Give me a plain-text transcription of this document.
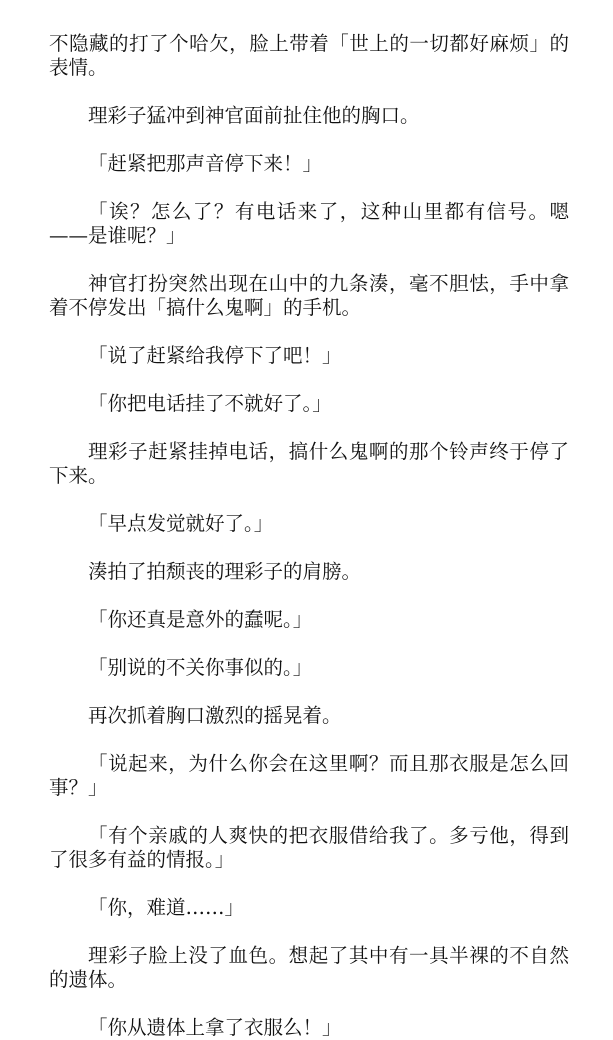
不隐藏的打了个哈欠，脸上带着「世上的一切都好麻烦」的表情。

理彩子猛冲到神官面前扯住他的胸口。

「赶紧把那声音停下来！」

「诶？怎么了？有电话来了，这种山里都有信号。嗯——是谁呢？」

神官打扮突然出现在山中的九条湊，毫不胆怯，手中拿着不停发出「搞什么鬼啊」的手机。

「说了赶紧给我停下了吧！」

「你把电话挂了不就好了。」

理彩子赶紧挂掉电话，搞什么鬼啊的那个铃声终于停了下来。

「早点发觉就好了。」

湊拍了拍颓丧的理彩子的肩膀。

「你还真是意外的蠢呢。」

「别说的不关你事似的。」

再次抓着胸口激烈的摇晃着。

「说起来，为什么你会在这里啊？而且那衣服是怎么回事？」

「有个亲戚的人爽快的把衣服借给我了。多亏他，得到了很多有益的情报。」

「你，难道……」

理彩子脸上没了血色。想起了其中有一具半裸的不自然的遗体。

「你从遗体上拿了衣服么！」
